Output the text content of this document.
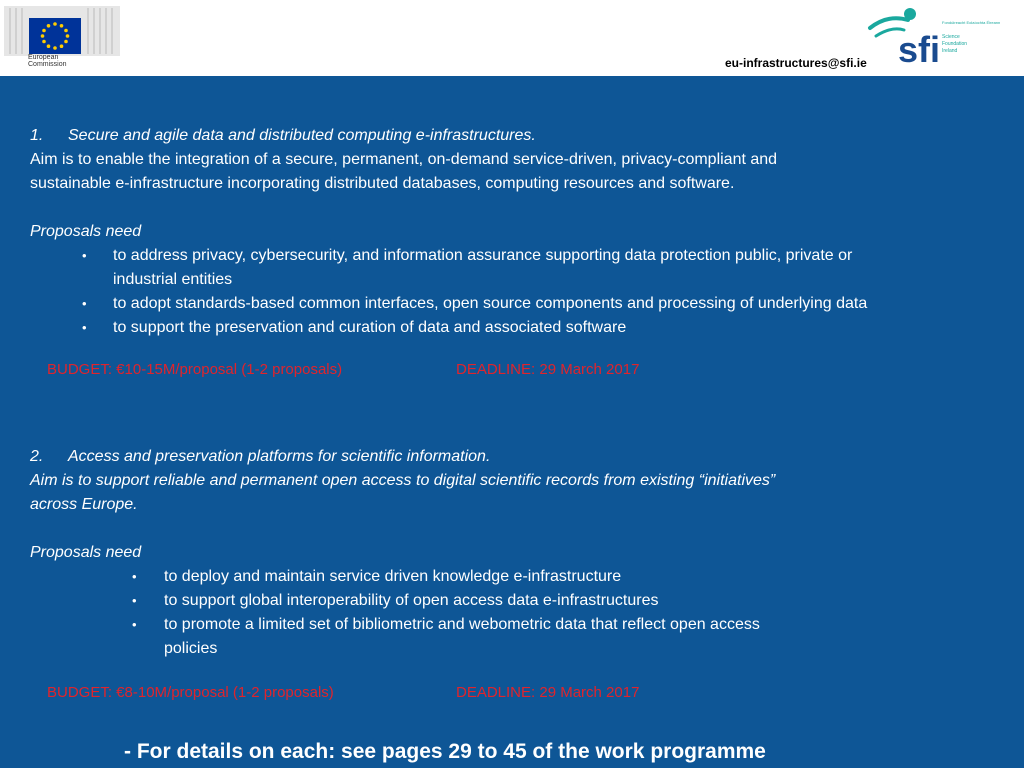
European
Commission	sfi
Fondúireacht Eolaíochta Éireann
Science
Foundation
Ireland
eu-infrastructures@sfi.ie
1. Secure and agile data and distributed computing e-infrastructures.
Aim is to enable the integration of a secure, permanent, on-demand service-driven, privacy-compliant and
sustainable e-infrastructure incorporating distributed databases, computing resources and software.
Proposals need
• to address privacy, cybersecurity, and information assurance supporting data protection public, private or
industrial entities
• to adopt standards-based common interfaces, open source components and processing of underlying data
• to support the preservation and curation of data and associated software
BUDGET: €10-15M/proposal (1-2 proposals)	DEADLINE: 29 March 2017
2. Access and preservation platforms for scientific information.
Aim is to support reliable and permanent open access to digital scientific records from existing “initiatives”
across Europe.
Proposals need
• to deploy and maintain service driven knowledge e-infrastructure
• to support global interoperability of open access data e-infrastructures
• to promote a limited set of bibliometric and webometric data that reflect open access
policies
BUDGET: €8-10M/proposal (1-2 proposals)	DEADLINE: 29 March 2017
- For details on each: see pages 29 to 45 of the work programme
